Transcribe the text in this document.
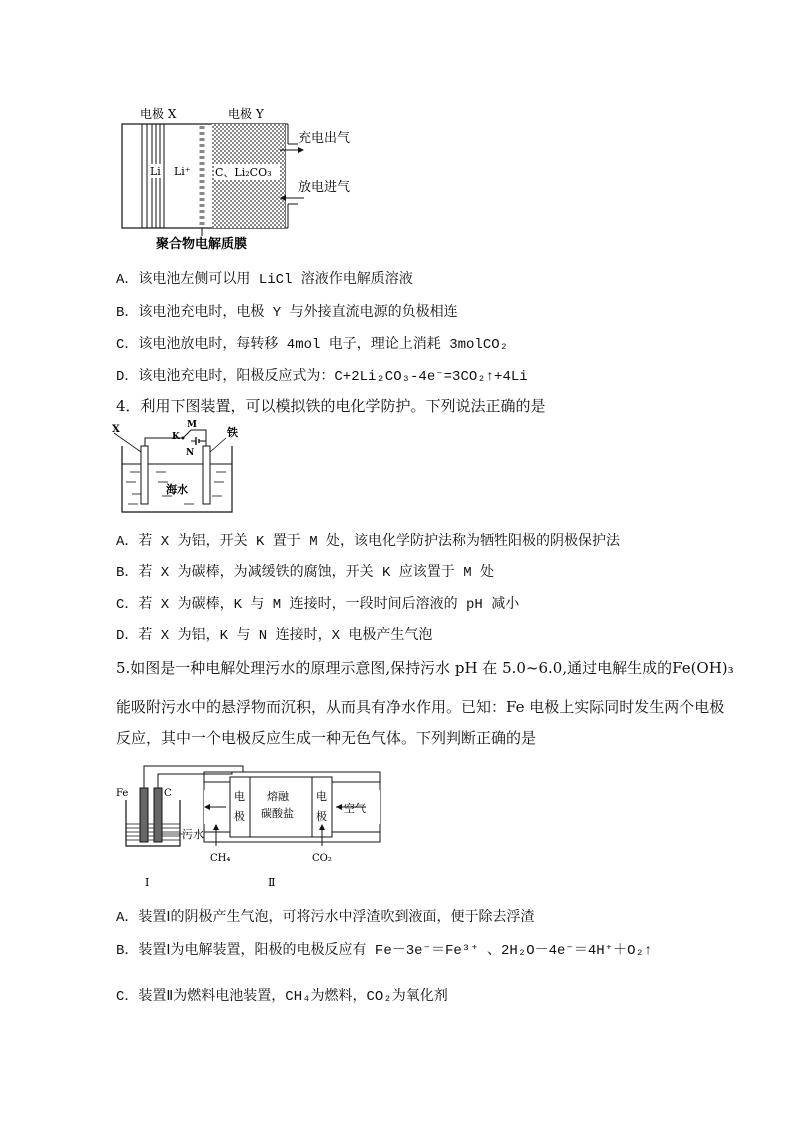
电极 X	电极 Y
Li Li⁺ C、Li₂CO₃
充电出气
放电进气
聚合物电解质膜
A．该电池左侧可以用 LiCl 溶液作电解质溶液
B．该电池充电时，电极 Y 与外接直流电源的负极相连
C．该电池放电时，每转移 4mol 电子，理论上消耗 3molCO₂
D．该电池充电时，阳极反应式为：C+2Li₂CO₃-4e⁻=3CO₂↑+4Li
4．利用下图装置，可以模拟铁的电化学防护。下列说法正确的是
K
M
N
X	铁
海水
A．若 X 为铝，开关 K 置于 M 处，该电化学防护法称为牺牲阳极的阴极保护法
B．若 X 为碳棒，为减缓铁的腐蚀，开关 K 应该置于 M 处
C．若 X 为碳棒，K 与 M 连接时，一段时间后溶液的 pH 减小
D．若 X 为铝，K 与 N 连接时，X 电极产生气泡
5.如图是一种电解处理污水的原理示意图,保持污水 pH 在 5.0~6.0,通过电解生成的Fe(OH)₃
能吸附污水中的悬浮物而沉积，从而具有净水作用。已知：Fe 电极上实际同时发生两个电极
反应，其中一个电极反应生成一种无色气体。下列判断正确的是
电
极
电
极
熔融
碳酸盐	空气
CH₄	CO₂
Fe	C
污水
Ⅰ	Ⅱ
A．装置Ⅰ的阴极产生气泡，可将污水中浮渣吹到液面，便于除去浮渣
B．装置Ⅰ为电解装置，阳极的电极反应有 Fe－3e⁻＝Fe³⁺ 、2H₂O－4e⁻＝4H⁺＋O₂↑
C．装置Ⅱ为燃料电池装置，CH₄为燃料，CO₂为氧化剂
